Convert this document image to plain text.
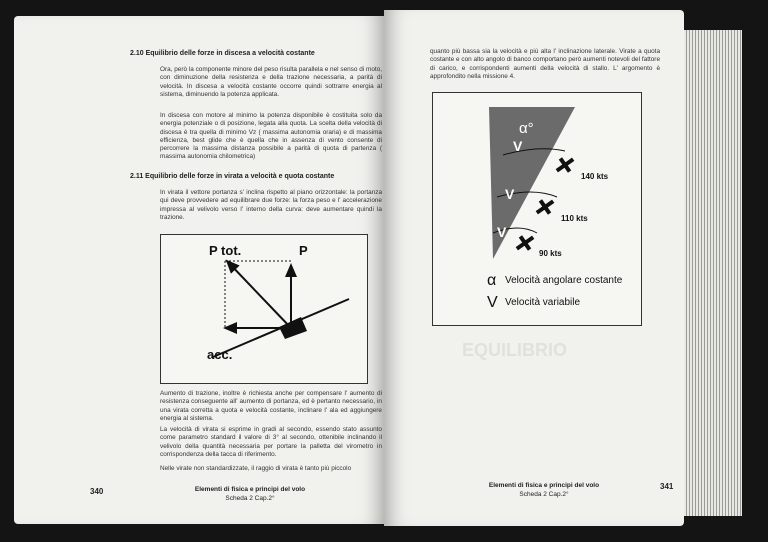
2.10 Equilibrio delle forze in discesa a velocità costante
Ora, però la componente minore del peso risulta parallela e nel senso di moto, con diminuzione della resistenza e della trazione necessaria, a parità di velocità. In discesa a velocità costante occorre quindi sottrarre energia al sistema, diminuendo la potenza applicata.
In discesa con motore al minimo la potenza disponibile è costituita solo da energia potenziale o di posizione, legata alla quota. La scelta della velocità di discesa è tra quella di minimo Vz ( massima autonomia oraria) e di massima efficienza, best glide che è quella che in assenza di vento consente di percorrere la massima distanza possibile a parità di quota di partenza ( massima autonomia chilometrica)
2.11 Equilibrio delle forze in virata a velocità e quota costante
In virata il vettore portanza s' inclina rispetto al piano orizzontale: la portanza qui deve provvedere ad equilibrare due forze: la forza peso e l' accelerazione impressa al velivolo verso l' interno della curva: deve aumentare quindi la trazione.
P tot.	P
acc.
Aumento di trazione, inoltre è richiesta anche per compensare l' aumento di resistenza conseguente all' aumento di portanza, ed è pertanto necessario, in una virata corretta a quota e velocità costante, inclinare l' ala ed aggiungere energia al sistema.
La velocità di virata si esprime in gradi al secondo, essendo stato assunto come parametro standard il valore di 3° al secondo, ottenibile inclinando il velivolo della quantità necessaria per portare la palletta del virometro in corrispondenza della tacca di riferimento.
Nelle virate non standardizzate, il raggio di virata è tanto più piccolo
340	Elementi di fisica e principi del volo
Scheda 2 Cap.2°
quanto più bassa sia la velocità e più alta l' inclinazione laterale. Virate a quota costante e con alto angolo di banco comportano però aumenti notevoli del fattore di carico, e corrispondenti aumenti della velocità di stallo. L' argomento è approfondito nella missione 4.
α°
V
V
V
140 kts
110 kts
90 kts
α Velocità angolare costante
V Velocità variabile
EQUILIBRIO
Elementi di fisica e principi del volo
Scheda 2 Cap.2°
341
